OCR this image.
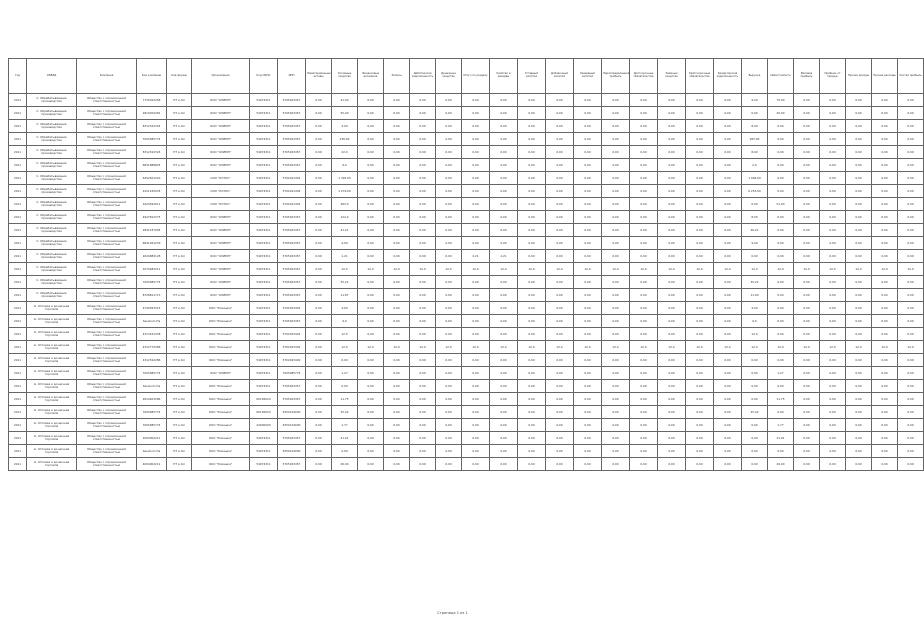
Год	ОКВЭД	Компания	Код компании	Код формы	Организация	Код ОКПО	ИНН	Нематериальные активы	Основные средства	Финансовые вложения	Запасы	Дебиторская задолженность	Денежные средства	Итого по разделу	Капитал и резервы	Уставный капитал	Добавочный капитал	Резервный капитал	Нераспределенная прибыль	Долгосрочные обязательства	Заемные средства	Краткосрочные обязательства	Кредиторская задолженность	Выручка	Себестоимость	Валовая прибыль	Прибыль от продаж	Прочие доходы	Прочие расходы	Чистая прибыль
2011	С. Обрабатывающие производства	Общество с ограниченной ответственностью	7725022258	ПТ и АО	ООО "ОЛИМП"	54974311	5705023457	0,00	41,00	0,00	0,00	0,00	0,00	0,00	0,00	0,00	0,00	0,00	0,00	0,00	0,00	0,00	0,00	9,00	75,00	0,00	0,00	0,00	0,00	0,00
2011	С. Обрабатывающие производства	Общество с ограниченной ответственностью	2810202281	ПТ и АО	ООО "ОЛИМП"	54974311	5705023457	0,00	55,00	0,00	0,00	0,00	0,00	0,00	0,00	0,00	0,00	0,00	0,00	0,00	0,00	0,00	0,00	0,00	20,00	0,00	0,00	0,00	0,00	0,00
2011	С. Обрабатывающие производства	Общество с ограниченной ответственностью	8312322324	ПТ и АО	ООО "ОЛИМП"	54974311	5705023457	0,00	4,00	0,00	0,00	0,00	0,00	0,00	0,00	0,00	0,00	0,00	0,00	0,00	0,00	0,00	0,00	8,00	0,00	0,00	0,00	0,00	0,00	0,00
2011	С. Обрабатывающие производства	Общество с ограниченной ответственностью	7005085774	ПТ и АО	ООО "ОЛИМП"	54974311	5705023457	0,00	238,00	0,00	0,00	0,00	0,00	0,00	0,00	0,00	0,00	0,00	0,00	0,00	0,00	0,00	0,00	283,00	0,00	0,00	0,00	0,00	0,00	0,00
2011	С. Обрабатывающие производства	Общество с ограниченной ответственностью	8312322324	ПТ и АО	ООО "ОЛИМП"	54974311	5705023457	0,00	22,0	0,00	0,00	0,00	0,00	0,00	0,00	0,00	0,00	0,00	0,00	0,00	0,00	0,00	0,00	8,00	0,00	0,00	0,00	0,00	0,00	0,00
2011	С. Обрабатывающие производства	Общество с ограниченной ответственностью	6831888825	ПТ и АО	ООО "ОЛИМП"	54974311	5705023457	0,00	9,0	0,00	0,00	0,00	0,00	0,00	0,00	0,00	0,00	0,00	0,00	0,00	0,00	0,00	0,00	2,0	0,00	0,00	0,00	0,00	0,00	0,00
2011	С. Обрабатывающие производства	Общество с ограниченной ответственностью	6452401220	ПТ и АО	ООО "ЛОТОС"	54974311	5702021402	0,00	1 393,00	0,00	0,00	0,00	0,00	0,00	0,00	0,00	0,00	0,00	0,00	0,00	0,00	0,00	0,00	1 994,00	0,00	0,00	0,00	0,00	0,00	0,00
2011	С. Обрабатывающие производства	Общество с ограниченной ответственностью	2411245035	ПТ и АО	ООО "ЛОТОС"	54974311	5702021402	0,00	1 279,00	0,00	0,00	0,00	0,00	0,00	0,00	0,00	0,00	0,00	0,00	0,00	0,00	0,00	0,00	6 253,00	0,00	0,00	0,00	0,00	0,00	0,00
2011	С. Обрабатывающие производства	Общество с ограниченной ответственностью	1024592011	ПТ и АО	ООО "ЛОТОС"	54974311	5702021402	0,00	283,0	0,00	0,00	0,00	0,00	0,00	0,00	0,00	0,00	0,00	0,00	0,00	0,00	0,00	0,00	0,00	51,00	0,00	0,00	0,00	0,00	0,00
2011	С. Обрабатывающие производства	Общество с ограниченной ответственностью	4947812375	ПТ и АО	ООО "ОЛИМП"	54974311	5705023457	0,00	124,0	0,00	0,00	0,00	0,00	0,00	0,00	0,00	0,00	0,00	0,00	0,00	0,00	0,00	0,00	8,00	0,00	0,00	0,00	0,00	0,00	0,00
2011	С. Обрабатывающие производства	Общество с ограниченной ответственностью	2841237095	ПТ и АО	ООО "ОЛИМП"	54974311	5705023457	0,00	41,21	0,00	0,00	0,00	0,00	0,00	0,00	0,00	0,00	0,00	0,00	0,00	0,00	0,00	0,00	46,21	0,00	0,00	0,00	0,00	0,00	0,00
2011	С. Обрабатывающие производства	Общество с ограниченной ответственностью	6841261230	ПТ и АО	ООО "ОЛИМП"	54974311	5705023457	0,00	9,00	0,00	0,00	0,00	0,00	0,00	0,00	0,00	0,00	0,00	0,00	0,00	0,00	0,00	0,00	9,00	0,00	0,00	0,00	0,00	0,00	0,00
2011	С. Обрабатывающие производства	Общество с ограниченной ответственностью	2624882128	ПТ и АО	ООО "ОЛИМП"	54974311	5705023457	0,00	1,21	0,00	0,00	0,00	0,00	2,21	2,21	0,00	0,00	0,00	0,00	0,00	0,00	0,00	0,00	0,00	0,00	0,00	0,00	0,00	0,00	0,00
2011	С. Обрабатывающие производства	Общество с ограниченной ответственностью	1074482211	ПТ и АО	ООО "ОЛИМП"	54974311	5705023457	0,00	12,0	12,0	12,0	12,0	12,0	12,0	12,0	12,0	12,0	12,0	12,0	12,0	12,0	12,0	12,0	12,0	12,0	12,0	12,0	12,0	12,0	12,0
2011	С. Обрабатывающие производства	Общество с ограниченной ответственностью	7005085774	ПТ и АО	ООО "ОЛИМП"	54974311	5705023457	0,00	35,22	0,00	0,00	0,00	0,00	0,00	0,00	0,00	0,00	0,00	0,00	0,00	0,00	0,00	0,00	35,22	0,00	0,00	0,00	0,00	0,00	0,00
2011	С. Обрабатывающие производства	Общество с ограниченной ответственностью	8728811713	ПТ и АО	ООО "ОЛИМП"	54974311	5705023457	0,00	11,87	0,00	0,00	0,00	0,00	0,00	0,00	0,00	0,00	0,00	0,00	0,00	0,00	0,00	0,00	11,00	0,00	0,00	0,00	0,00	0,00	0,00
2011	G. Оптовая и розничная торговля	Общество с ограниченной ответственностью	4749353315	ПТ и АО	ООО "Ромашка"	54974311	5702023402	0,00	4,00	0,00	0,00	0,00	0,00	0,00	0,00	0,00	0,00	0,00	0,00	0,00	0,00	0,00	0,00	4,00	0,00	0,00	0,00	0,00	0,00	0,00
2011	G. Оптовая и розничная торговля	Общество с ограниченной ответственностью	Sasolium Ha	ПТ и АО	ООО "Ромашка"	54974311	5705023457	0,00	9,0	0,00	0,00	0,00	0,00	0,00	0,00	0,00	0,00	0,00	0,00	0,00	0,00	0,00	0,00	9,0	0,00	0,00	0,00	0,00	0,00	0,00
2011	G. Оптовая и розничная торговля	Общество с ограниченной ответственностью	4313441338	ПТ и АО	ООО "Ромашка"	54974311	5702023402	0,00	12,0	0,00	0,00	0,00	0,00	0,00	0,00	0,00	0,00	0,00	0,00	0,00	0,00	0,00	0,00	12,0	0,00	0,00	0,00	0,00	0,00	0,00
2011	G. Оптовая и розничная торговля	Общество с ограниченной ответственностью	4312772286	ПТ и АО	ООО "Ромашка"	54974311	5702023402	0,00	12,0	12,0	12,0	12,0	12,0	12,0	12,0	12,0	12,0	12,0	12,0	12,0	12,0	12,0	12,0	12,0	12,0	12,0	12,0	12,0	12,0	12,0
2011	G. Оптовая и розничная торговля	Общество с ограниченной ответственностью	4312322286	ПТ и АО	ООО "Ромашка"	54974311	5702023402	0,00	0,00	0,00	0,00	0,00	0,00	0,00	0,00	0,00	0,00	0,00	0,00	0,00	0,00	0,00	0,00	0,00	0,00	0,00	0,00	0,00	0,00	0,00
2011	G. Оптовая и розничная торговля	Общество с ограниченной ответственностью	7005085774	ПТ и АО	ООО "ОЛИМП"	54974311	7005085774	0,00	1,27	0,00	0,00	0,00	0,00	0,00	0,00	0,00	0,00	0,00	0,00	0,00	0,00	0,00	0,00	0,00	1,27	0,00	0,00	0,00	0,00	0,00
2011	G. Оптовая и розничная торговля	Общество с ограниченной ответственностью	Sasolium Ha	ПТ и АО	ООО "Ромашка"	54974311	5705023457	0,00	0,00	0,00	0,00	0,00	0,00	0,00	0,00	0,00	0,00	0,00	0,00	0,00	0,00	0,00	0,00	0,00	0,00	0,00	0,00	0,00	0,00	0,00
2011	G. Оптовая и розничная торговля	Общество с ограниченной ответственностью	2814403286	ПТ и АО	ООО "Ромашка"	60195024	5705023457	0,00	11,75	0,00	0,00	0,00	0,00	0,00	0,00	0,00	0,00	0,00	0,00	0,00	0,00	0,00	0,00	0,00	11,75	0,00	0,00	0,00	0,00	0,00
2011	G. Оптовая и розничная торговля	Общество с ограниченной ответственностью	7005085774	ПТ и АО	ООО "Ромашка"	60195024	6350129000	0,00	35,42	0,00	0,00	0,00	0,00	0,00	0,00	0,00	0,00	0,00	0,00	0,00	0,00	0,00	0,00	35,42	0,00	0,00	0,00	0,00	0,00	0,00
2011	G. Оптовая и розничная торговля	Общество с ограниченной ответственностью	7005085774	ПТ и АО	ООО "Ромашка"	24900000	6350129000	0,00	1,77	0,00	0,00	0,00	0,00	0,00	0,00	0,00	0,00	0,00	0,00	0,00	0,00	0,00	0,00	0,00	1,77	0,00	0,00	0,00	0,00	0,00
2011	G. Оптовая и розничная торговля	Общество с ограниченной ответственностью	1004002211	ПТ и АО	ООО "Ромашка"	54974311	5705023457	0,00	21,91	0,00	0,00	0,00	0,00	0,00	0,00	0,00	0,00	0,00	0,00	0,00	0,00	0,00	0,00	0,00	21,91	0,00	0,00	0,00	0,00	0,00
2011	G. Оптовая и розничная торговля	Общество с ограниченной ответственностью	Sasolium Ha	ПТ и АО	ООО "Ромашка"	54974311	6350129000	0,00	0,00	0,00	0,00	0,00	0,00	0,00	0,00	0,00	0,00	0,00	0,00	0,00	0,00	0,00	0,00	0,00	0,00	0,00	0,00	0,00	0,00	0,00
2011	G. Оптовая и розничная торговля	Общество с ограниченной ответственностью	4004002211	ПТ и АО	ООО "Ромашка"	54974311	5705023457	0,00	26,00	0,00	0,00	0,00	0,00	0,00	0,00	0,00	0,00	0,00	0,00	0,00	0,00	0,00	0,00	0,00	26,00	0,00	0,00	0,00	0,00	0,00
Страница 1 из 1
